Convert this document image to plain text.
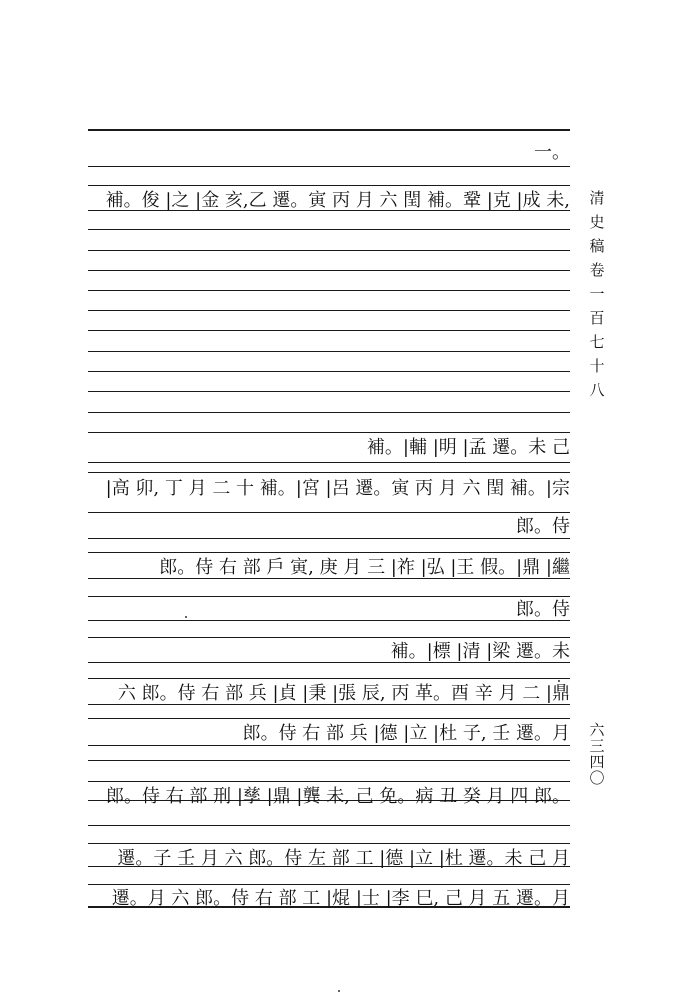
一。
補。俊 |之 |金 亥,乙 遷。寅 丙 月 六 閏 補。鞏 |克 |成 未,
補。|輔 |明 |孟 遷。未 己
|高 卯, 丁 月 二 十 補。|宮 |呂 遷。寅 丙 月 六 閏 補。|宗
郎。侍
郎。侍 右 部 戶 寅, 庚 月 三 |祚 |弘 |王 假。|鼎 |繼
郎。侍
補。|標 |清 |梁 遷。未
六 郎。侍 右 部 兵 |貞 |秉 |張 辰, 丙 革。酉 辛 月 二 |鼎
郎。侍 右 部 兵 |德 |立 |杜 子, 壬 遷。月
郎。侍 右 部 刑 |孳 |鼎 |龔 未, 己 免。病 丑 癸 月 四 郎。
遷。子 壬 月 六 郎。侍 左 部 工 |德 |立 |杜 遷。未 己 月
遷。月 六 郎。侍 右 部 工 |焜 |士 |李 巳, 己 月 五 遷。月
清
史
稿
卷
一
百
七
十
八
六
三
四
〇
